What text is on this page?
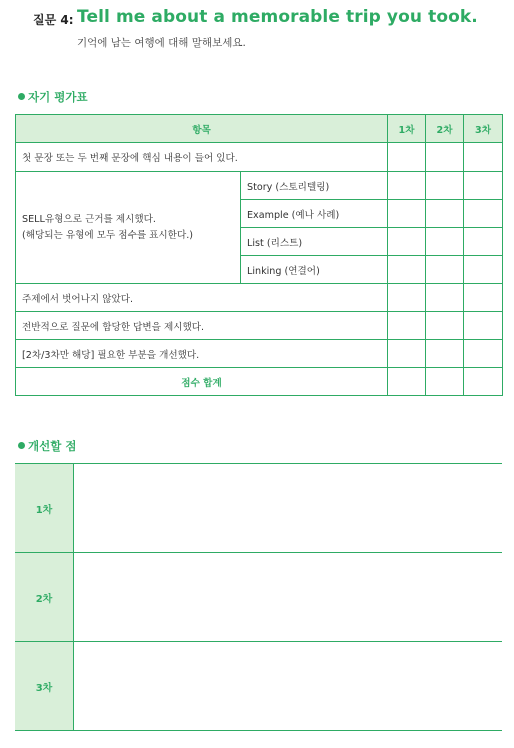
질문 4: Tell me about a memorable trip you took.
기억에 남는 여행에 대해 말해보세요.
자기 평가표
항목		1차	2차	3차
첫 문장 또는 두 번째 문장에 핵심 내용이 들어 있다.				

SELL유형으로 근거를 제시했다.
(해당되는 유형에 모두 점수를 표시한다.)	Story (스토리텔링)			
	Example (예나 사례)			
	List (리스트)			
	Linking (연결어)			
주제에서 벗어나지 않았다.				
전반적으로 질문에 합당한 답변을 제시했다.				
[2차/3차만 해당] 필요한 부분을 개선했다.				
점수 합계				
개선할 점
1차	
2차	
3차	
